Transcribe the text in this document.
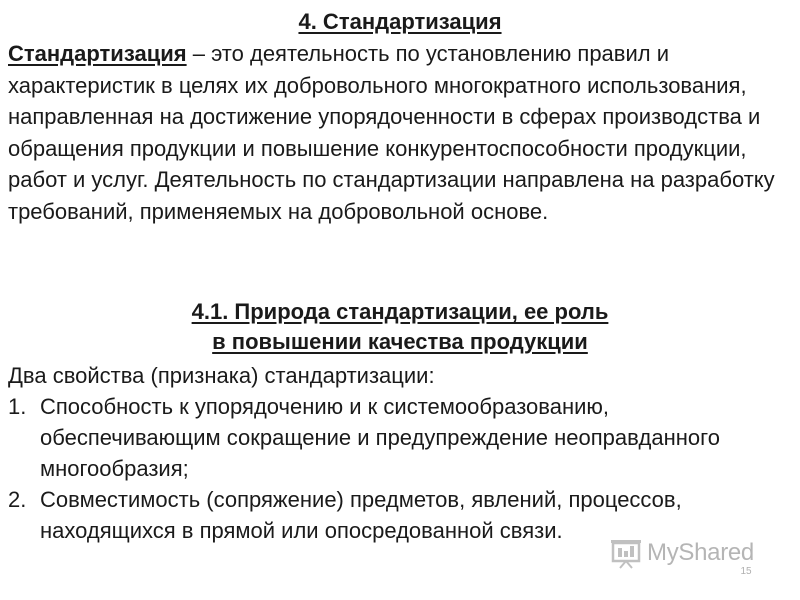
4. Стандартизация

Стандартизация – это деятельность по установлению правил и характеристик в целях их добровольного многократного использования, направленная на достижение упорядоченности в сферах производства и обращения продукции и повышение конкурентоспособности продукции, работ и услуг. Деятельность по стандартизации направлена на разработку требований, применяемых на добровольной основе.

4.1. Природа стандартизации, ее роль
в повышении качества продукции

Два свойства (признака) стандартизации:

1. Способность к упорядочению и к системообразованию, обеспечивающим сокращение и предупреждение неоправданного многообразия;
2. Совместимость (сопряжение) предметов, явлений, процессов, находящихся в прямой или опосредованной связи.
MyShared
15
